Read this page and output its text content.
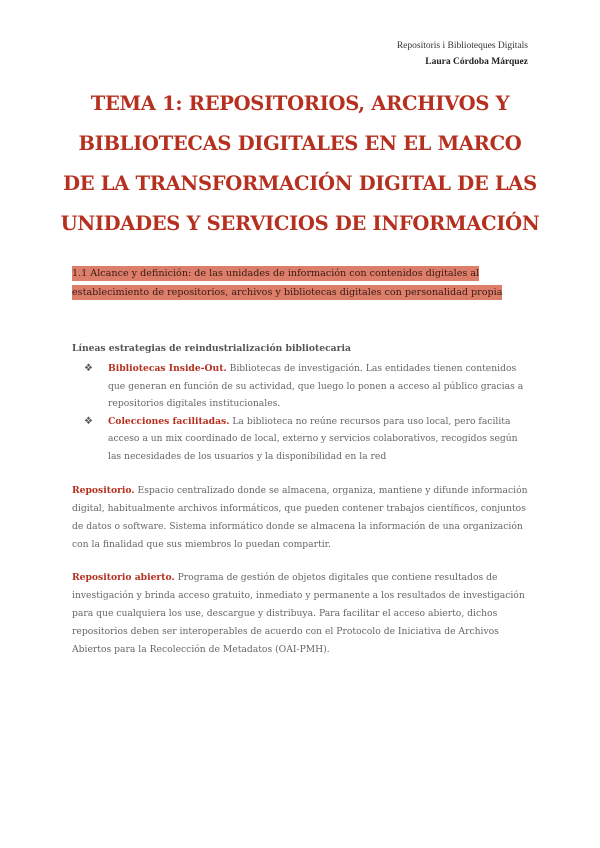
Repositoris i Biblioteques Digitals
Laura Córdoba Márquez
TEMA 1: REPOSITORIOS, ARCHIVOS Y BIBLIOTECAS DIGITALES EN EL MARCO DE LA TRANSFORMACIÓN DIGITAL DE LAS UNIDADES Y SERVICIOS DE INFORMACIÓN
1.1 Alcance y definición: de las unidades de información con contenidos digitales al establecimiento de repositorios, archivos y bibliotecas digitales con personalidad propia
Líneas estrategias de reindustrialización bibliotecaria
❖ Bibliotecas Inside-Out. Bibliotecas de investigación. Las entidades tienen contenidos que generan en función de su actividad, que luego lo ponen a acceso al público gracias a repositorios digitales institucionales.
❖ Colecciones facilitadas. La biblioteca no reúne recursos para uso local, pero facilita acceso a un mix coordinado de local, externo y servicios colaborativos, recogidos según las necesidades de los usuarios y la disponibilidad en la red

Repositorio. Espacio centralizado donde se almacena, organiza, mantiene y difunde información digital, habitualmente archivos informáticos, que pueden contener trabajos científicos, conjuntos de datos o software. Sistema informático donde se almacena la información de una organización con la finalidad que sus miembros lo puedan compartir.

Repositorio abierto. Programa de gestión de objetos digitales que contiene resultados de investigación y brinda acceso gratuito, inmediato y permanente a los resultados de investigación para que cualquiera los use, descargue y distribuya. Para facilitar el acceso abierto, dichos repositorios deben ser interoperables de acuerdo con el Protocolo de Iniciativa de Archivos Abiertos para la Recolección de Metadatos (OAI-PMH).
